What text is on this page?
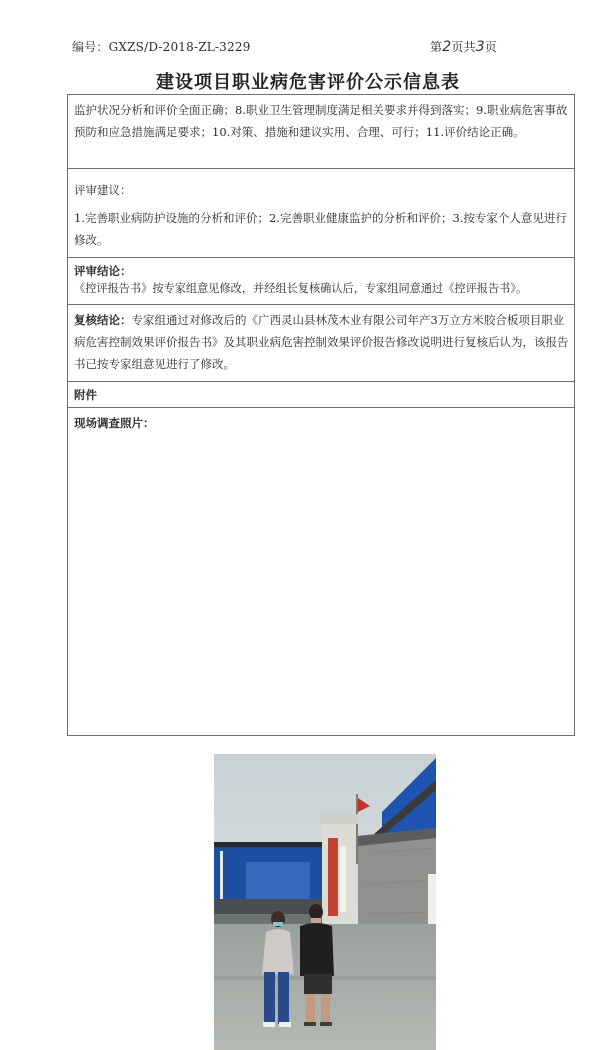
编号：GXZS/D-2018-ZL-3229	第2页共3页
建设项目职业病危害评价公示信息表
监护状况分析和评价全面正确；8.职业卫生管理制度满足相关要求并得到落实；9.职业病危害事故预防和应急措施满足要求；10.对策、措施和建议实用、合理、可行；11.评价结论正确。
评审建议：
1.完善职业病防护设施的分析和评价；2.完善职业健康监护的分析和评价；3.按专家个人意见进行修改。
评审结论：
《控评报告书》按专家组意见修改，并经组长复核确认后，专家组同意通过《控评报告书》。
复核结论：专家组通过对修改后的《广西灵山县林茂木业有限公司年产3万立方米胶合板项目职业病危害控制效果评价报告书》及其职业病危害控制效果评价报告修改说明进行复核后认为，该报告书已按专家组意见进行了修改。
附件
现场调查照片：
